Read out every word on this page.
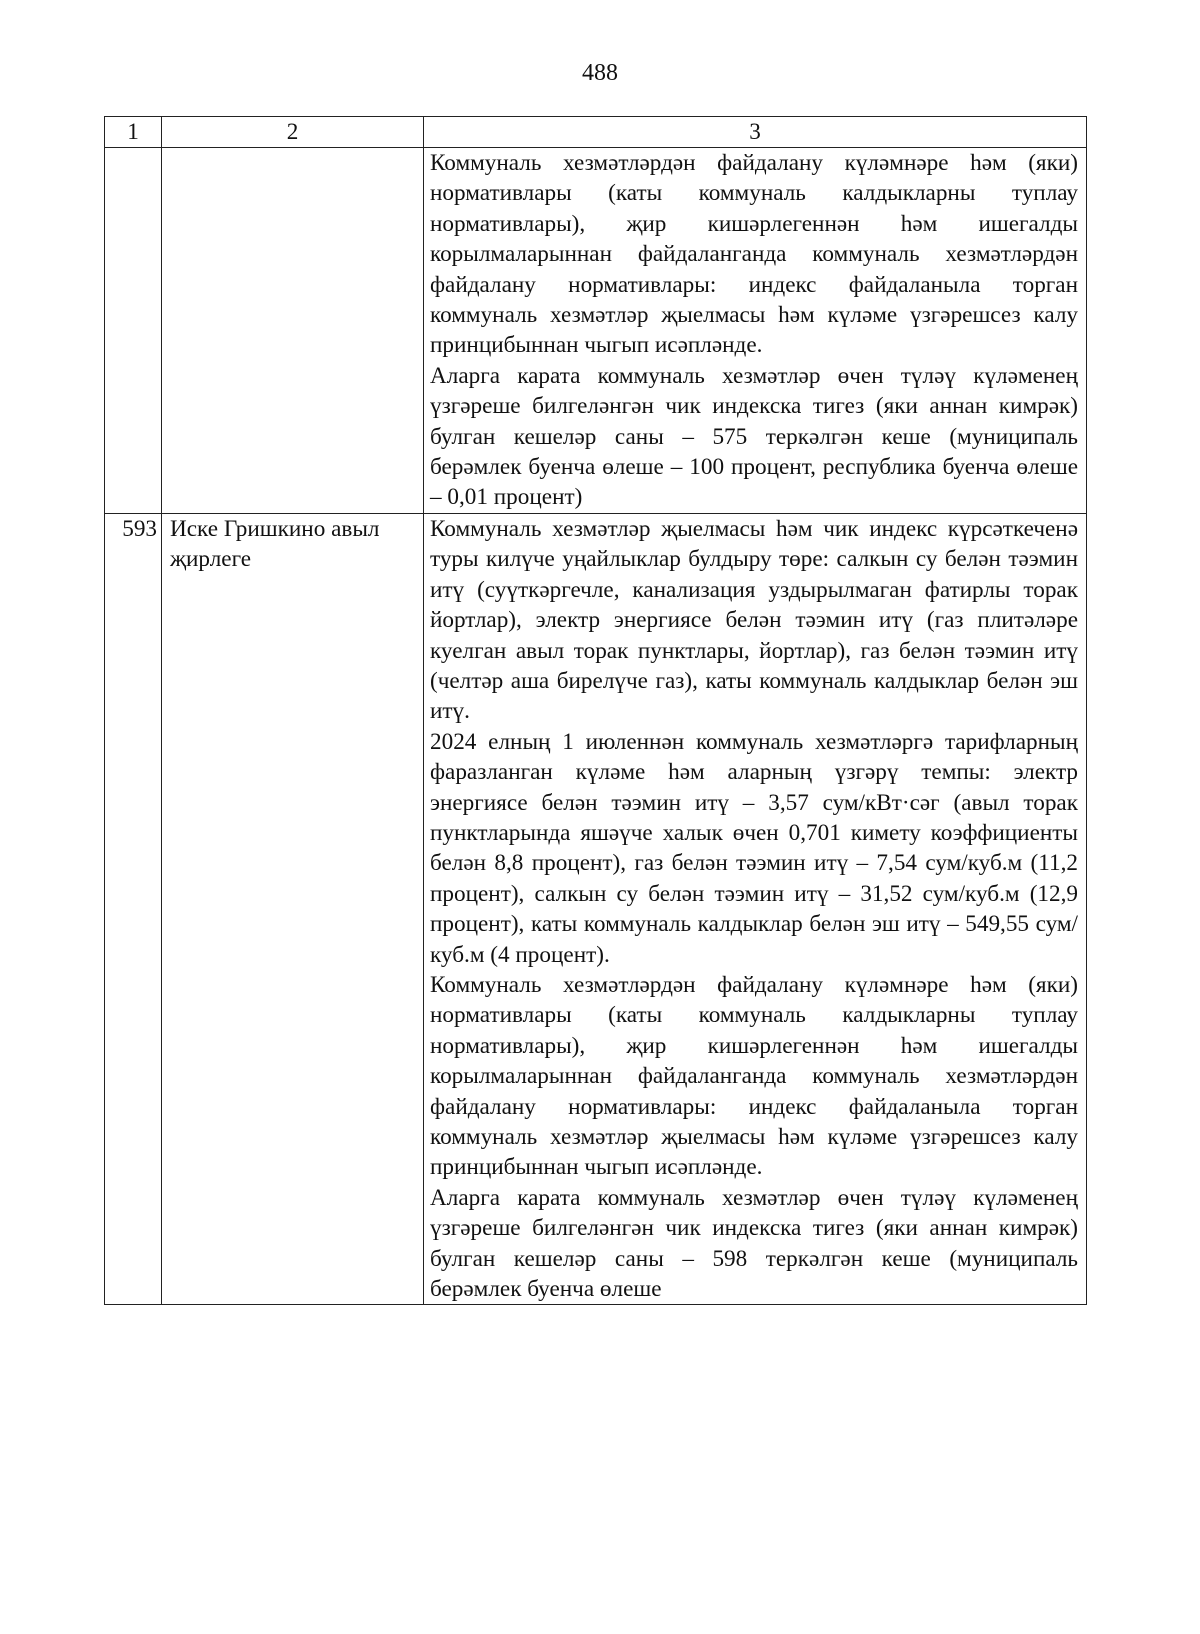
488
1	2	3

		Коммуналь хезмәтләрдән файдалану күләмнәре һәм (яки) нормативлары (каты коммуналь калдыкларны туплау нормативлары), җир кишәрлегеннән һәм ишегалды корылмаларыннан файдаланганда коммуналь хезмәтләрдән файдалану нормативлары: индекс файдаланыла торган коммуналь хезмәтләр җыелмасы һәм күләме үзгәрешсез калу принцибыннан чыгып исәпләнде.

Аларга карата коммуналь хезмәтләр өчен түләү күләменең үзгәреше билгеләнгән чик индекска тигез (яки аннан кимрәк) булган кешеләр саны – 575 теркәлгән кеше (муниципаль берәмлек буенча өлеше – 100 процент, республика буенча өлеше – 0,01 процент)

593	Иске Гришкино авыл җирлеге	Коммуналь хезмәтләр җыелмасы һәм чик индекс күрсәткеченә туры килүче уңайлыклар булдыру төре: салкын су белән тәэмин итү (суүткәргечле, канализация уздырылмаган фатирлы торак йортлар), электр энергиясе белән тәэмин итү (газ плитәләре куелган авыл торак пунктлары, йортлар), газ белән тәэмин итү (челтәр аша бирелүче газ), каты коммуналь калдыклар белән эш итү.

2024 елның 1 июленнән коммуналь хезмәтләргә тарифларның фаразланган күләме һәм аларның үзгәрү темпы: электр энергиясе белән тәэмин итү – 3,57 сум/кВт·сәг (авыл торак пунктларында яшәүче халык өчен 0,701 кимету коэффициенты белән 8,8 процент), газ белән тәэмин итү – 7,54 сум/куб.м (11,2 процент), салкын су белән тәэмин итү – 31,52 сум/куб.м (12,9 процент), каты коммуналь калдыклар белән эш итү – 549,55 сум/куб.м (4 процент).

Коммуналь хезмәтләрдән файдалану күләмнәре һәм (яки) нормативлары (каты коммуналь калдыкларны туплау нормативлары), җир кишәрлегеннән һәм ишегалды корылмаларыннан файдаланганда коммуналь хезмәтләрдән файдалану нормативлары: индекс файдаланыла торган коммуналь хезмәтләр җыелмасы һәм күләме үзгәрешсез калу принцибыннан чыгып исәпләнде.

Аларга карата коммуналь хезмәтләр өчен түләү күләменең үзгәреше билгеләнгән чик индекска тигез (яки аннан кимрәк) булган кешеләр саны – 598 теркәлгән кеше (муниципаль берәмлек буенча өлеше
